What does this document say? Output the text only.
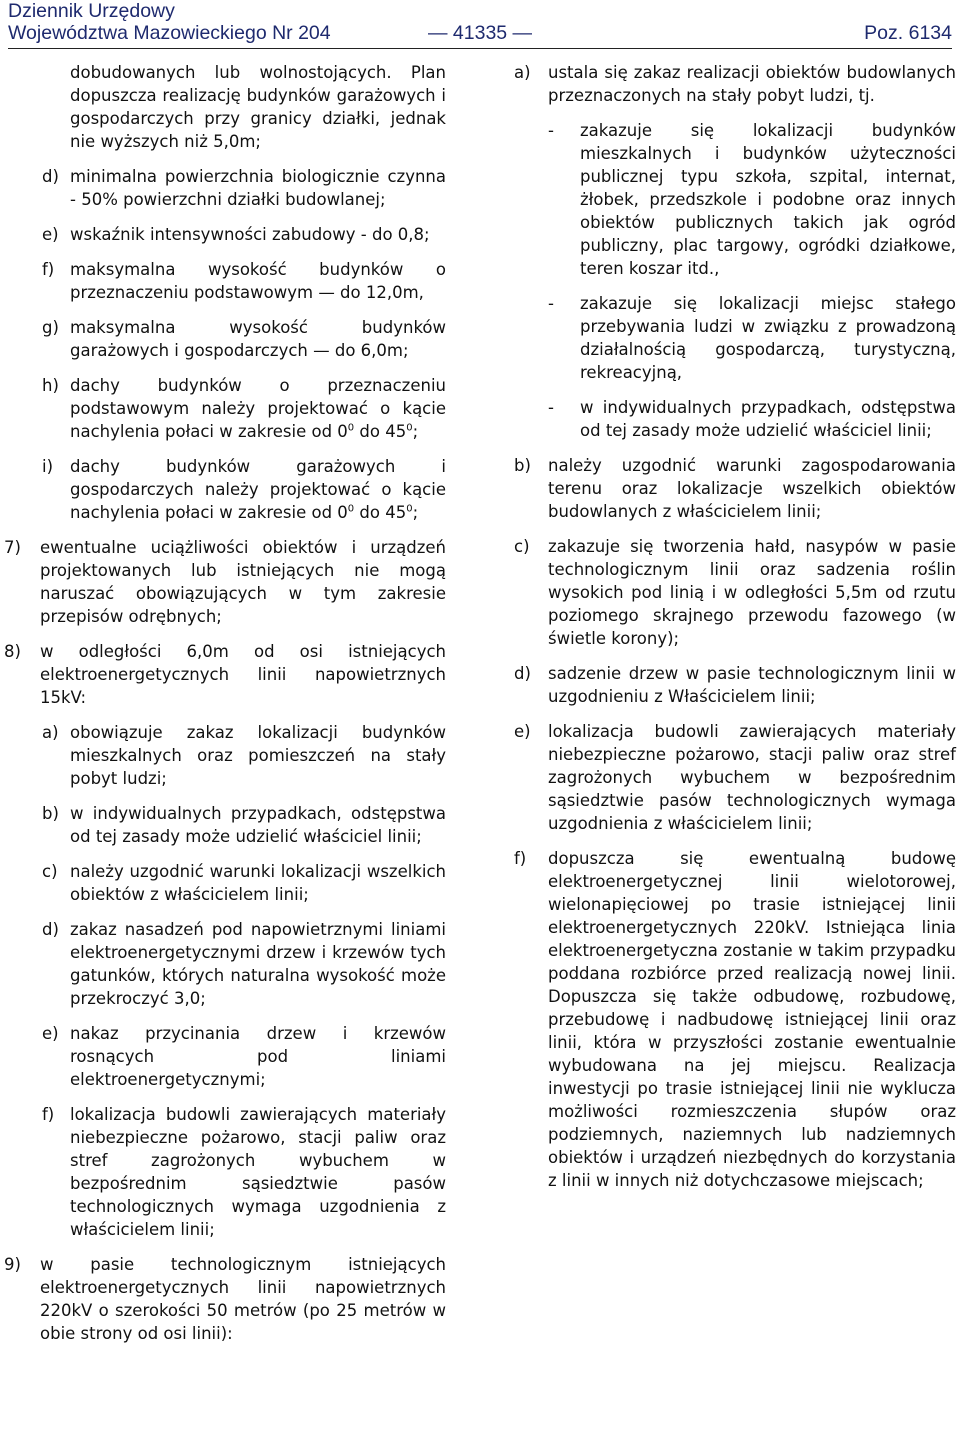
Dziennik Urzędowy
Województwa Mazowieckiego Nr 204	— 41335 —	Poz. 6134
dobudowanych lub wolnostojących. Plan dopuszcza realizację budynków garażowych i gospodarczych przy granicy działki, jednak nie wyższych niż 5,0m;
d) minimalna powierzchnia biologicznie czynna - 50% powierzchni działki budowlanej;
e) wskaźnik intensywności zabudowy - do 0,8;
f) maksymalna wysokość budynków o przeznaczeniu podstawowym — do 12,0m,
g) maksymalna wysokość budynków garażowych i gospodarczych — do 6,0m;
h) dachy budynków o przeznaczeniu podstawowym należy projektować o kącie nachylenia połaci w zakresie od $0^0$ do $45^0$;
i) dachy budynków garażowych i gospodarczych należy projektować o kącie nachylenia połaci w zakresie od $0^0$ do $45^0$;
7) ewentualne uciążliwości obiektów i urządzeń projektowanych lub istniejących nie mogą naruszać obowiązujących w tym zakresie przepisów odrębnych;
8) w odległości 6,0m od osi istniejących elektroenergetycznych linii napowietrznych 15kV:
a) obowiązuje zakaz lokalizacji budynków mieszkalnych oraz pomieszczeń na stały pobyt ludzi;
b) w indywidualnych przypadkach, odstępstwa od tej zasady może udzielić właściciel linii;
c) należy uzgodnić warunki lokalizacji wszelkich obiektów z właścicielem linii;
d) zakaz nasadzeń pod napowietrznymi liniami elektroenergetycznymi drzew i krzewów tych gatunków, których naturalna wysokość może przekroczyć 3,0;
e) nakaz przycinania drzew i krzewów rosnących pod liniami elektroenergetycznymi;
f) lokalizacja budowli zawierających materiały niebezpieczne pożarowo, stacji paliw oraz stref zagrożonych wybuchem w bezpośrednim sąsiedztwie pasów technologicznych wymaga uzgodnienia z właścicielem linii;
9) w pasie technologicznym istniejących elektroenergetycznych linii napowietrznych 220kV o szerokości 50 metrów (po 25 metrów w obie strony od osi linii):
a) ustala się zakaz realizacji obiektów budowlanych przeznaczonych na stały pobyt ludzi, tj.
- zakazuje się lokalizacji budynków mieszkalnych i budynków użyteczności publicznej typu szkoła, szpital, internat, żłobek, przedszkole i podobne oraz innych obiektów publicznych takich jak ogród publiczny, plac targowy, ogródki działkowe, teren koszar itd.,
- zakazuje się lokalizacji miejsc stałego przebywania ludzi w związku z prowadzoną działalnością gospodarczą, turystyczną, rekreacyjną,
- w indywidualnych przypadkach, odstępstwa od tej zasady może udzielić właściciel linii;
b) należy uzgodnić warunki zagospodarowania terenu oraz lokalizacje wszelkich obiektów budowlanych z właścicielem linii;
c) zakazuje się tworzenia hałd, nasypów w pasie technologicznym linii oraz sadzenia roślin wysokich pod linią i w odległości 5,5m od rzutu poziomego skrajnego przewodu fazowego (w świetle korony);
d) sadzenie drzew w pasie technologicznym linii w uzgodnieniu z Właścicielem linii;
e) lokalizacja budowli zawierających materiały niebezpieczne pożarowo, stacji paliw oraz stref zagrożonych wybuchem w bezpośrednim sąsiedztwie pasów technologicznych wymaga uzgodnienia z właścicielem linii;
f) dopuszcza się ewentualną budowę elektroenergetycznej linii wielotorowej, wielonapięciowej po trasie istniejącej linii elektroenergetycznych 220kV. Istniejąca linia elektroenergetyczna zostanie w takim przypadku poddana rozbiórce przed realizacją nowej linii. Dopuszcza się także odbudowę, rozbudowę, przebudowę i nadbudowę istniejącej linii oraz linii, która w przyszłości zostanie ewentualnie wybudowana na jej miejscu. Realizacja inwestycji po trasie istniejącej linii nie wyklucza możliwości rozmieszczenia słupów oraz podziemnych, naziemnych lub nadziemnych obiektów i urządzeń niezbędnych do korzystania z linii w innych niż dotychczasowe miejscach;
